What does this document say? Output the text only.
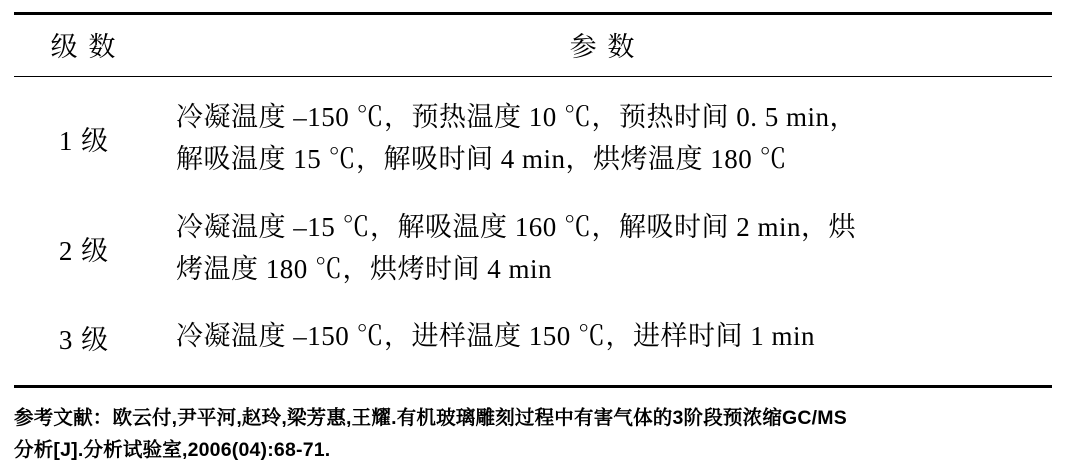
级 数	参 数
1 级	冷凝温度 –150 ℃，预热温度 10 ℃，预热时间 0. 5 min，
解吸温度 15 ℃，解吸时间 4 min，烘烤温度 180 ℃

2 级	冷凝温度 –15 ℃，解吸温度 160 ℃，解吸时间 2 min，烘
烤温度 180 ℃，烘烤时间 4 min

3 级	冷凝温度 –150 ℃，进样温度 150 ℃，进样时间 1 min
参考文献：欧云付,尹平河,赵玲,梁芳惠,王耀.有机玻璃雕刻过程中有害气体的3阶段预浓缩GC/MS
分析[J].分析试验室,2006(04):68-71.
